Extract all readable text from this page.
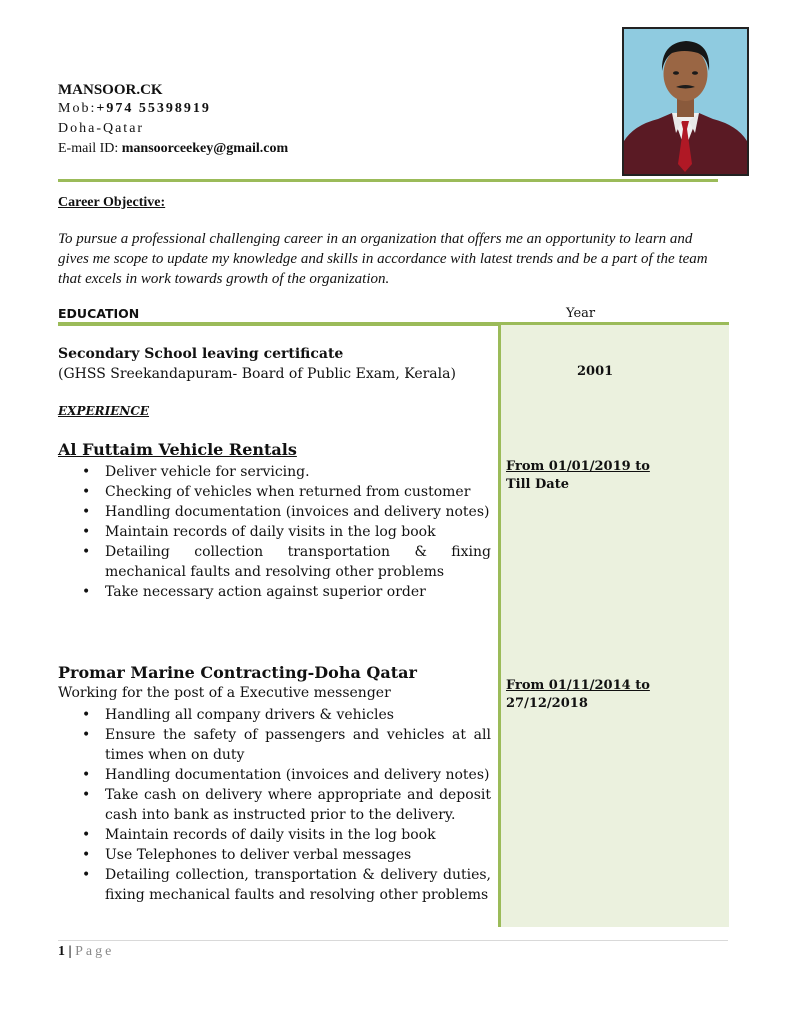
MANSOOR.CK
Mob:+974 55398919
Doha-Qatar
E-mail ID: mansoorceekey@gmail.com
Career Objective:
To pursue a professional challenging career in an organization that offers me an opportunity to learn and gives me scope to update my knowledge and skills in accordance with latest trends and be a part of the team that excels in work towards growth of the organization.
EDUCATION	Year
Secondary School leaving certificate
(GHSS Sreekandapuram- Board of Public Exam, Kerala)	2001
EXPERIENCE
Al Futtaim Vehicle Rentals
• Deliver vehicle for servicing.
• Checking of vehicles when returned from customer
• Handling documentation (invoices and delivery notes)
• Maintain records of daily visits in the log book
• Detailing collection transportation & fixing mechanical faults and resolving other problems
• Take necessary action against superior order
From 01/01/2019 to
Till Date
Promar Marine Contracting-Doha Qatar
Working for the post of a Executive messenger
• Handling all company drivers & vehicles
• Ensure the safety of passengers and vehicles at all times when on duty
• Handling documentation (invoices and delivery notes)
• Take cash on delivery where appropriate and deposit cash into bank as instructed prior to the delivery.
• Maintain records of daily visits in the log book
• Use Telephones to deliver verbal messages
• Detailing collection, transportation & delivery duties, fixing mechanical faults and resolving other problems
From 01/11/2014 to
27/12/2018
1 | Page
